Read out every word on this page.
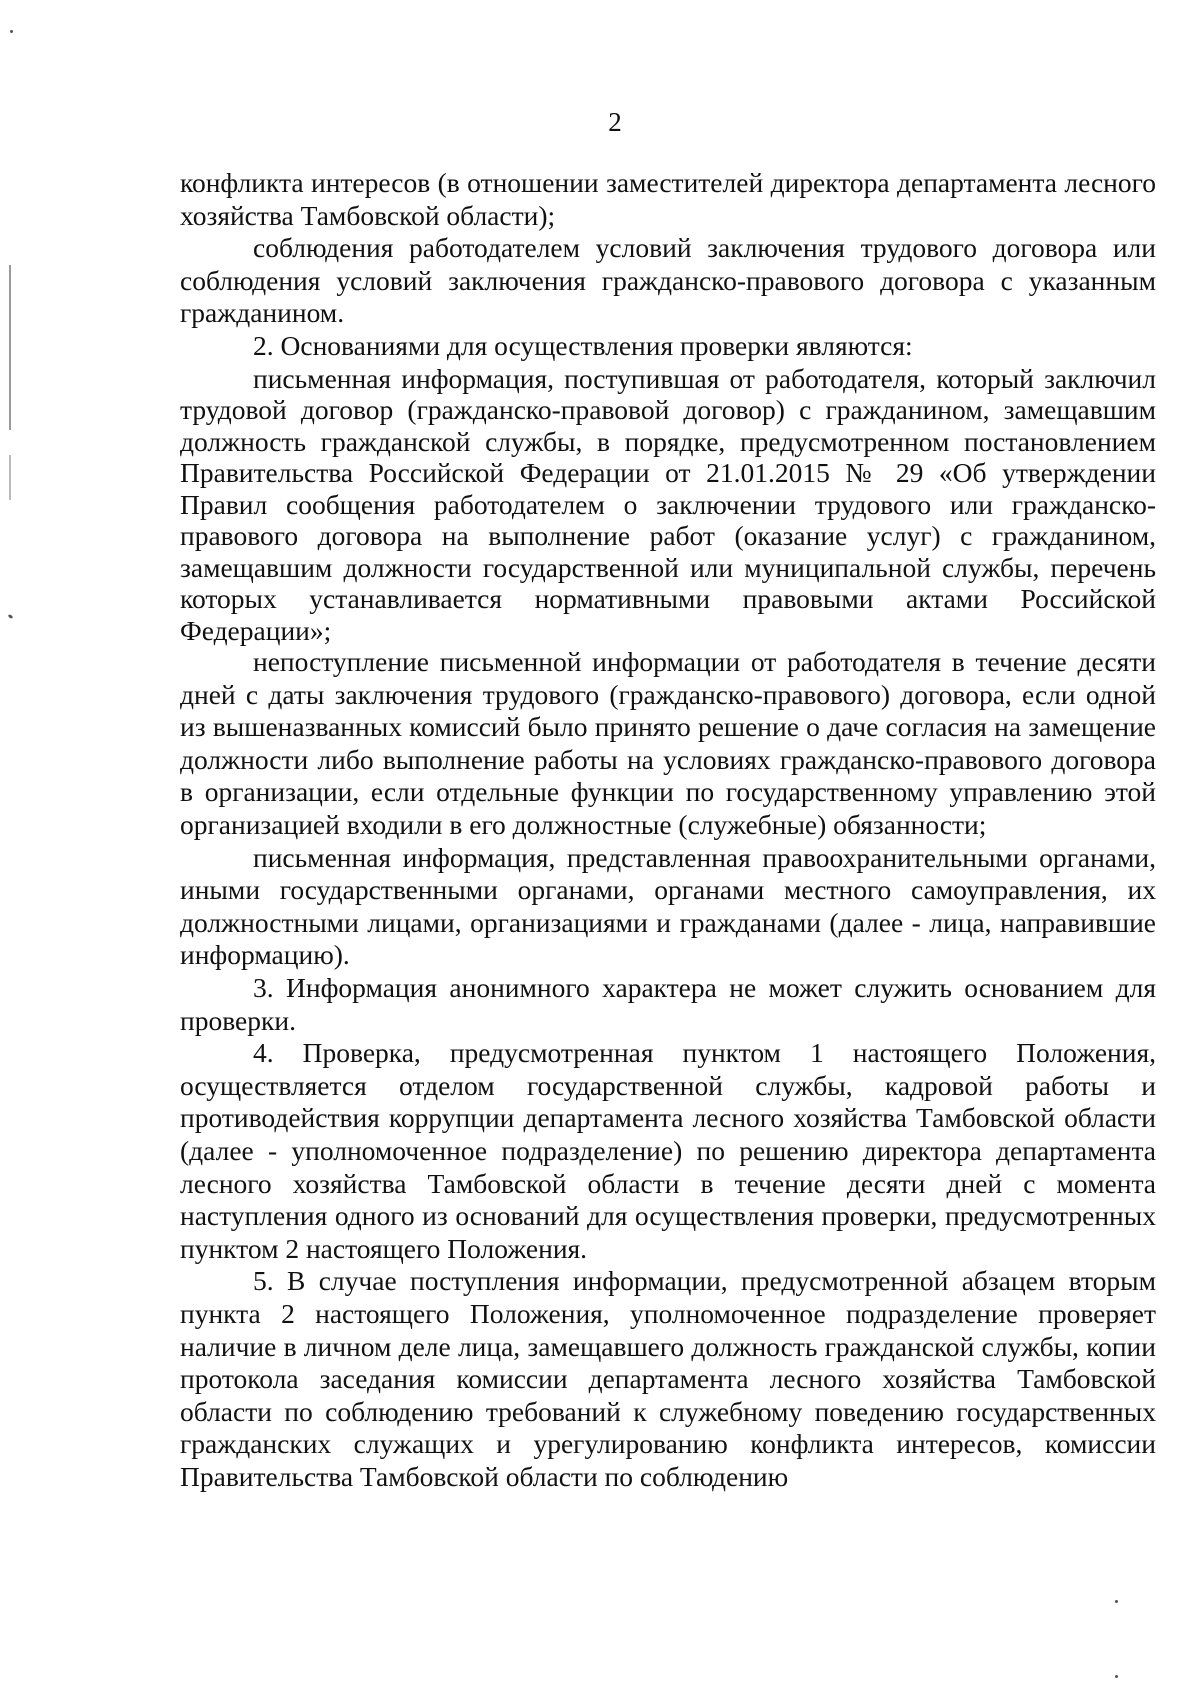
2

конфликта интересов (в отношении заместителей директора департамента лесного хозяйства Тамбовской области);

соблюдения работодателем условий заключения трудового договора или соблюдения условий заключения гражданско-правового договора с указанным гражданином.

2. Основаниями для осуществления проверки являются:

письменная информация, поступившая от работодателя, который заключил трудовой договор (гражданско-правовой договор) с гражданином, замещавшим должность гражданской службы, в порядке, предусмотренном постановлением Правительства Российской Федерации от 21.01.2015 № 29 «Об утверждении Правил сообщения работодателем о заключении трудового или гражданско-правового договора на выполнение работ (оказание услуг) с гражданином, замещавшим должности государственной или муниципальной службы, перечень которых устанавливается нормативными правовыми актами Российской Федерации»;

непоступление письменной информации от работодателя в течение десяти дней с даты заключения трудового (гражданско-правового) договора, если одной из вышеназванных комиссий было принято решение о даче согласия на замещение должности либо выполнение работы на условиях гражданско-правового договора в организации, если отдельные функции по государственному управлению этой организацией входили в его должностные (служебные) обязанности;

письменная информация, представленная правоохранительными органами, иными государственными органами, органами местного самоуправления, их должностными лицами, организациями и гражданами (далее - лица, направившие информацию).

3. Информация анонимного характера не может служить основанием для проверки.

4. Проверка, предусмотренная пунктом 1 настоящего Положения, осуществляется отделом государственной службы, кадровой работы и противодействия коррупции департамента лесного хозяйства Тамбовской области (далее - уполномоченное подразделение) по решению директора департамента лесного хозяйства Тамбовской области в течение десяти дней с момента наступления одного из оснований для осуществления проверки, предусмотренных пунктом 2 настоящего Положения.

5. В случае поступления информации, предусмотренной абзацем вторым пункта 2 настоящего Положения, уполномоченное подразделение проверяет наличие в личном деле лица, замещавшего должность гражданской службы, копии протокола заседания комиссии департамента лесного хозяйства Тамбовской области по соблюдению требований к служебному поведению государственных гражданских служащих и урегулированию конфликта интересов, комиссии Правительства Тамбовской области по соблюдению
